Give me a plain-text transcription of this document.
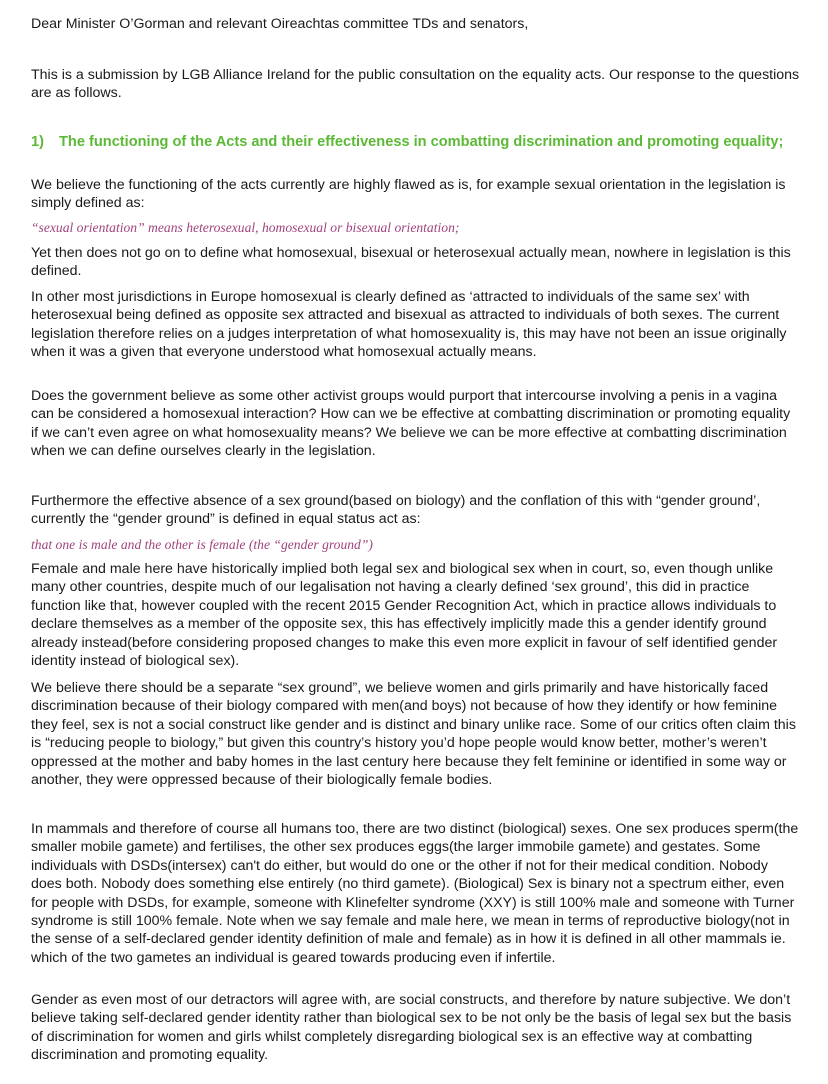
Dear Minister O’Gorman and relevant Oireachtas committee TDs and senators,

This is a submission by LGB Alliance Ireland for the public consultation on the equality acts. Our response to the questions are as follows.

1)	The functioning of the Acts and their effectiveness in combatting discrimination and promoting equality;

We believe the functioning of the acts currently are highly flawed as is, for example sexual orientation in the legislation is simply defined as:

“sexual orientation” means heterosexual, homosexual or bisexual orientation;

Yet then does not go on to define what homosexual, bisexual or heterosexual actually mean, nowhere in legislation is this defined.

In other most jurisdictions in Europe homosexual is clearly defined as ‘attracted to individuals of the same sex’ with heterosexual being defined as opposite sex attracted and bisexual as attracted to individuals of both sexes. The current legislation therefore relies on a judges interpretation of what homosexuality is, this may have not been an issue originally when it was a given that everyone understood what homosexual actually means.

Does the government believe as some other activist groups would purport that intercourse involving a penis in a vagina can be considered a homosexual interaction? How can we be effective at combatting discrimination or promoting equality if we can’t even agree on what homosexuality means? We believe we can be more effective at combatting discrimination when we can define ourselves clearly in the legislation.

Furthermore the effective absence of a sex ground(based on biology) and the conflation of this with “gender ground’, currently the “gender ground” is defined in equal status act as:

that one is male and the other is female (the “gender ground”)

Female and male here have historically implied both legal sex and biological sex when in court, so, even though unlike many other countries, despite much of our legalisation not having a clearly defined ‘sex ground’, this did in practice function like that, however coupled with the recent 2015 Gender Recognition Act, which in practice allows individuals to declare themselves as a member of the opposite sex, this has effectively implicitly made this a gender identify ground already instead(before considering proposed changes to make this even more explicit in favour of self identified gender identity instead of biological sex).

We believe there should be a separate “sex ground”, we believe women and girls primarily and have historically faced discrimination because of their biology compared with men(and boys) not because of how they identify or how feminine they feel, sex is not a social construct like gender and is distinct and binary unlike race. Some of our critics often claim this is “reducing people to biology,” but given this country’s history you’d hope people would know better, mother’s weren’t oppressed at the mother and baby homes in the last century here because they felt feminine or identified in some way or another, they were oppressed because of their biologically female bodies.

In mammals and therefore of course all humans too, there are two distinct (biological) sexes. One sex produces sperm(the smaller mobile gamete) and fertilises, the other sex produces eggs(the larger immobile gamete) and gestates. Some individuals with DSDs(intersex) can't do either, but would do one or the other if not for their medical condition. Nobody does both. Nobody does something else entirely (no third gamete). (Biological) Sex is binary not a spectrum either, even for people with DSDs, for example, someone with Klinefelter syndrome (XXY) is still 100% male and someone with Turner syndrome is still 100% female. Note when we say female and male here, we mean in terms of reproductive biology(not in the sense of a self-declared gender identity definition of male and female) as in how it is defined in all other mammals ie. which of the two gametes an individual is geared towards producing even if infertile.

Gender as even most of our detractors will agree with, are social constructs, and therefore by nature subjective. We don’t believe taking self-declared gender identity rather than biological sex to be not only be the basis of legal sex but the basis of discrimination for women and girls whilst completely disregarding biological sex is an effective way at combatting discrimination and promoting equality.
